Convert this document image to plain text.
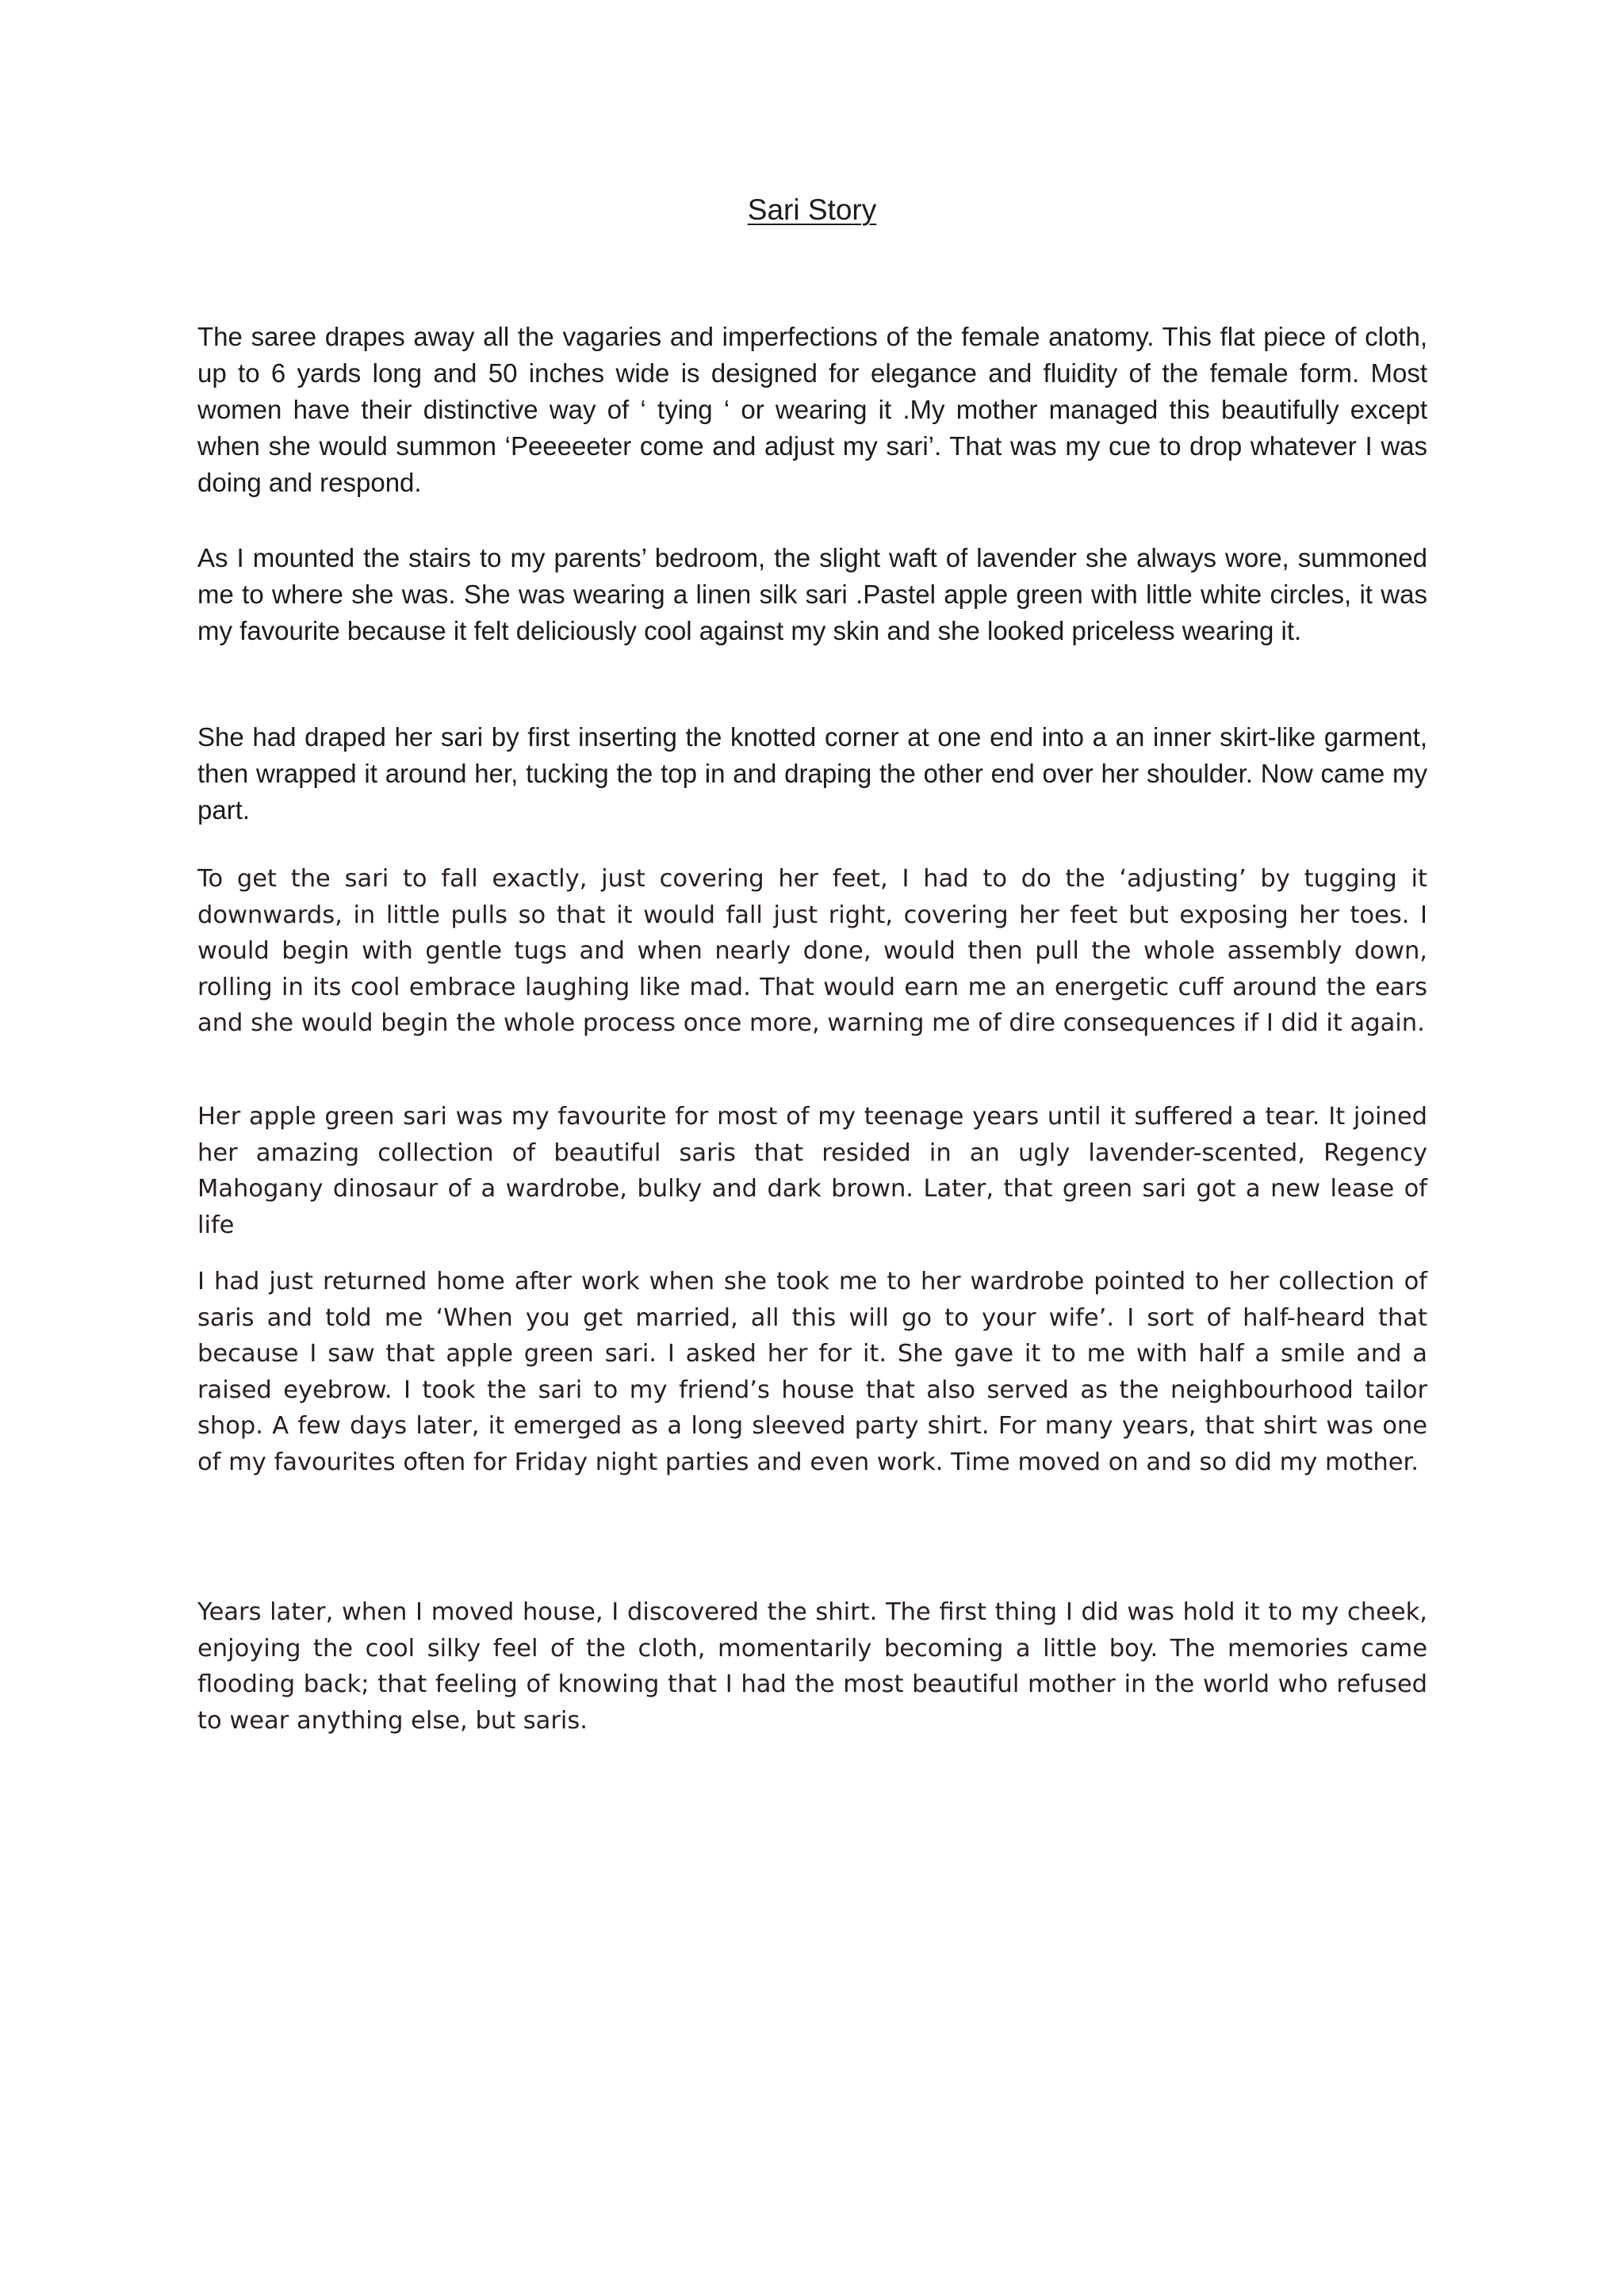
Sari Story

The saree drapes away all the vagaries and imperfections of the female anatomy. This flat piece of cloth, up to 6 yards long and 50 inches wide is designed for elegance and fluidity of the female form. Most women have their distinctive way of ‘ tying ‘ or wearing it .My mother managed this beautifully except when she would summon ‘Peeeeeter come and adjust my sari’. That was my cue to drop whatever I was doing and respond.

As I mounted the stairs to my parents’ bedroom, the slight waft of lavender she always wore, summoned me to where she was. She was wearing a linen silk sari .Pastel apple green with little white circles, it was my favourite because it felt deliciously cool against my skin and she looked priceless wearing it.

She had draped her sari by first inserting the knotted corner at one end into a an inner skirt-like garment, then wrapped it around her, tucking the top in and draping the other end over her shoulder. Now came my part.

To get the sari to fall exactly, just covering her feet, I had to do the ‘adjusting’ by tugging it downwards, in little pulls so that it would fall just right, covering her feet but exposing her toes. I would begin with gentle tugs and when nearly done, would then pull the whole assembly down, rolling in its cool embrace laughing like mad. That would earn me an energetic cuff around the ears and she would begin the whole process once more, warning me of dire consequences if I did it again.

Her apple green sari was my favourite for most of my teenage years until it suffered a tear. It joined her amazing collection of beautiful saris that resided in an ugly lavender-scented, Regency Mahogany dinosaur of a wardrobe, bulky and dark brown. Later, that green sari got a new lease of life

I had just returned home after work when she took me to her wardrobe pointed to her collection of saris and told me ‘When you get married, all this will go to your wife’. I sort of half-heard that because I saw that apple green sari. I asked her for it. She gave it to me with half a smile and a raised eyebrow. I took the sari to my friend’s house that also served as the neighbourhood tailor shop. A few days later, it emerged as a long sleeved party shirt. For many years, that shirt was one of my favourites often for Friday night parties and even work. Time moved on and so did my mother.

Years later, when I moved house, I discovered the shirt. The first thing I did was hold it to my cheek, enjoying the cool silky feel of the cloth, momentarily becoming a little boy. The memories came flooding back; that feeling of knowing that I had the most beautiful mother in the world who refused to wear anything else, but saris.
